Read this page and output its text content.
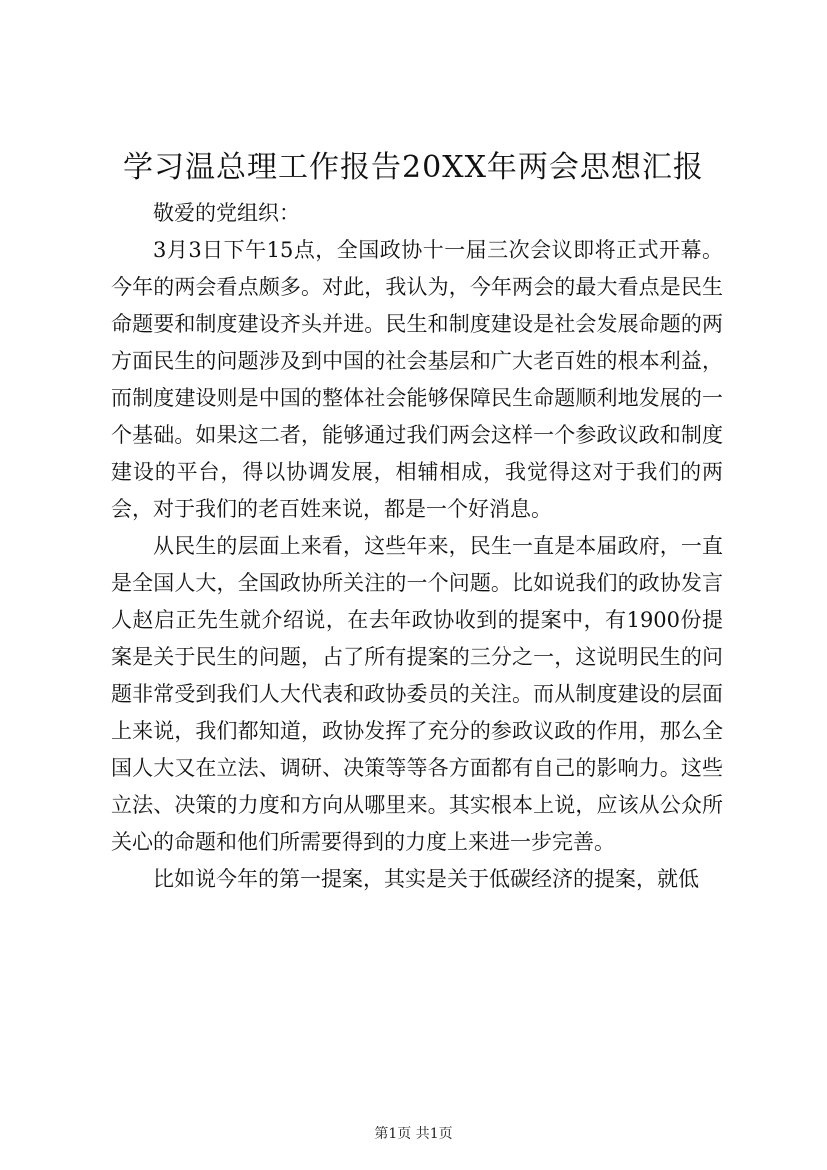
学习温总理工作报告20XX年两会思想汇报

敬爱的党组织：

3月3日下午15点，全国政协十一届三次会议即将正式开幕。今年的两会看点颇多。对此，我认为，今年两会的最大看点是民生命题要和制度建设齐头并进。民生和制度建设是社会发展命题的两方面民生的问题涉及到中国的社会基层和广大老百姓的根本利益，而制度建设则是中国的整体社会能够保障民生命题顺利地发展的一个基础。如果这二者，能够通过我们两会这样一个参政议政和制度建设的平台，得以协调发展，相辅相成，我觉得这对于我们的两会，对于我们的老百姓来说，都是一个好消息。

从民生的层面上来看，这些年来，民生一直是本届政府，一直是全国人大，全国政协所关注的一个问题。比如说我们的政协发言人赵启正先生就介绍说，在去年政协收到的提案中，有1900份提案是关于民生的问题，占了所有提案的三分之一，这说明民生的问题非常受到我们人大代表和政协委员的关注。而从制度建设的层面上来说，我们都知道，政协发挥了充分的参政议政的作用，那么全国人大又在立法、调研、决策等等各方面都有自己的影响力。这些立法、决策的力度和方向从哪里来。其实根本上说，应该从公众所关心的命题和他们所需要得到的力度上来进一步完善。

比如说今年的第一提案，其实是关于低碳经济的提案，就低

第1页 共1页
